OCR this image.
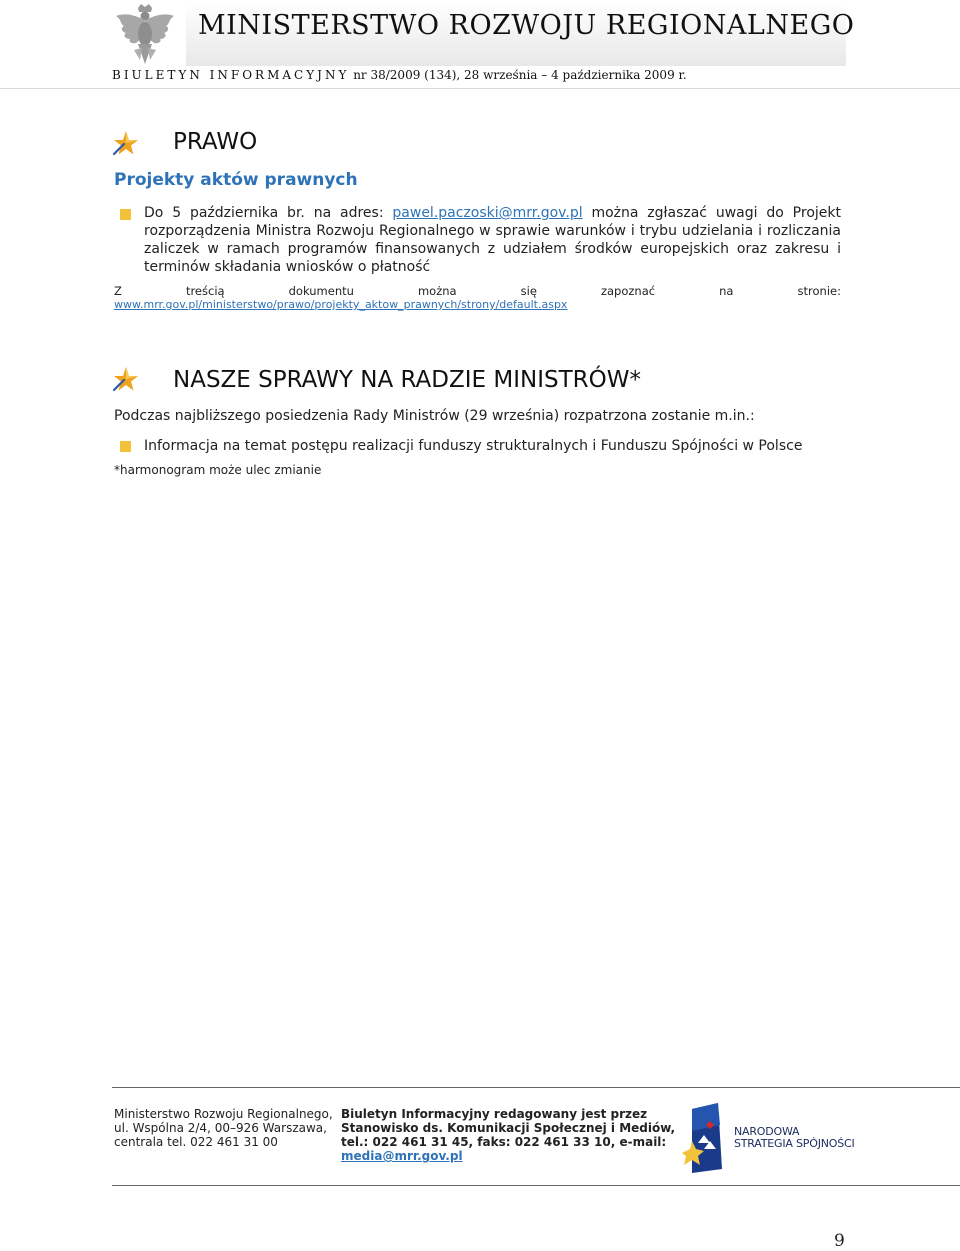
MINISTERSTWO ROZWOJU REGIONALNEGO
BIULETYN INFORMACYJNY nr 38/2009 (134), 28 września – 4 października 2009 r.
PRAWO
Projekty aktów prawnych
Do 5 października br. na adres: pawel.paczoski@mrr.gov.pl można zgłaszać uwagi do Projekt rozporządzenia Ministra Rozwoju Regionalnego w sprawie warunków i trybu udzielania i rozliczania zaliczek w ramach programów finansowanych z udziałem środków europejskich oraz zakresu i terminów składania wniosków o płatność
Z treścią dokumentu można się zapoznać na stronie:
www.mrr.gov.pl/ministerstwo/prawo/projekty_aktow_prawnych/strony/default.aspx
NASZE SPRAWY NA RADZIE MINISTRÓW*
Podczas najbliższego posiedzenia Rady Ministrów (29 września) rozpatrzona zostanie m.in.:
Informacja na temat postępu realizacji funduszy strukturalnych i Funduszu Spójności w Polsce
*harmonogram może ulec zmianie
Ministerstwo Rozwoju Regionalnego,
ul. Wspólna 2/4, 00–926 Warszawa,
centrala tel. 022 461 31 00
Biuletyn Informacyjny redagowany jest przez
Stanowisko ds. Komunikacji Społecznej i Mediów,
tel.: 022 461 31 45, faks: 022 461 33 10, e-mail:
media@mrr.gov.pl
NARODOWA
STRATEGIA SPÓJNOŚCI
9
